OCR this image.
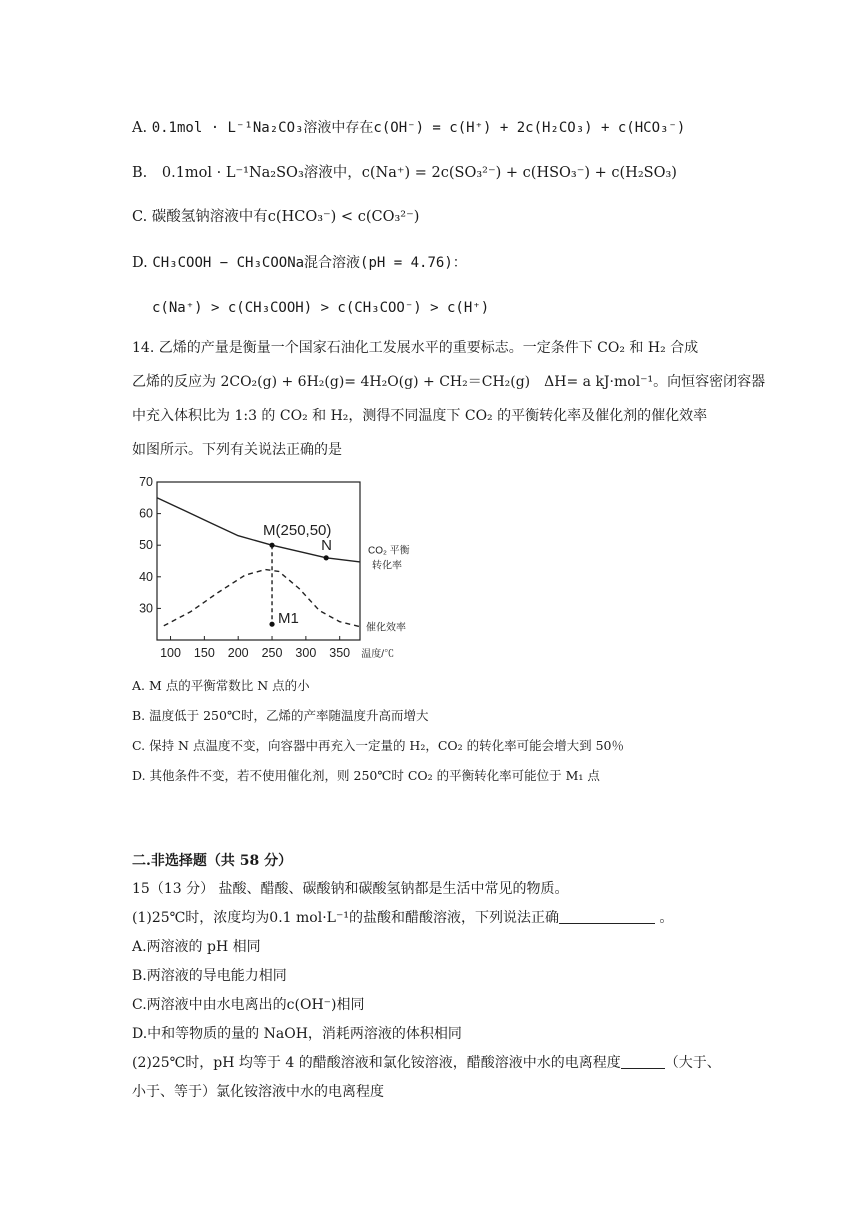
A. 0.1mol · L⁻¹Na₂CO₃溶液中存在c(OH⁻) = c(H⁺) + 2c(H₂CO₃) + c(HCO₃⁻)
B. 0.1mol · L⁻¹Na₂SO₃溶液中，c(Na⁺) = 2c(SO₃²⁻) + c(HSO₃⁻) + c(H₂SO₃)
C. 碳酸氢钠溶液中有c(HCO₃⁻) < c(CO₃²⁻)
D. CH₃COOH − CH₃COONa混合溶液(pH = 4.76)：
c(Na⁺) > c(CH₃COOH) > c(CH₃COO⁻) > c(H⁺)
14. 乙烯的产量是衡量一个国家石油化工发展水平的重要标志。一定条件下 CO₂ 和 H₂ 合成
乙烯的反应为 2CO₂(g) + 6H₂(g)= 4H₂O(g) + CH₂＝CH₂(g)　ΔH= a kJ·mol⁻¹。向恒容密闭容器
中充入体积比为 1:3 的 CO₂ 和 H₂，测得不同温度下 CO₂ 的平衡转化率及催化剂的催化效率
如图所示。下列有关说法正确的是
70
60
50
40
30
100 150 200 250 300 350 温度/℃
M(250,50)
N
M1
CO₂ 平衡
转化率
催化效率
A. M 点的平衡常数比 N 点的小
B. 温度低于 250℃时，乙烯的产率随温度升高而增大
C. 保持 N 点温度不变，向容器中再充入一定量的 H₂，CO₂ 的转化率可能会增大到 50％
D. 其他条件不变，若不使用催化剂，则 250℃时 CO₂ 的平衡转化率可能位于 M₁ 点
二.非选择题（共 58 分）
15（13 分） 盐酸、醋酸、碳酸钠和碳酸氢钠都是生活中常见的物质。
(1)25℃时，浓度均为0.1 mol·L⁻¹的盐酸和醋酸溶液，下列说法正确	。
A.两溶液的 pH 相同
B.两溶液的导电能力相同
C.两溶液中由水电离出的c(OH⁻)相同
D.中和等物质的量的 NaOH，消耗两溶液的体积相同
(2)25℃时，pH 均等于 4 的醋酸溶液和氯化铵溶液，醋酸溶液中水的电离程度	（大于、
小于、等于）氯化铵溶液中水的电离程度
